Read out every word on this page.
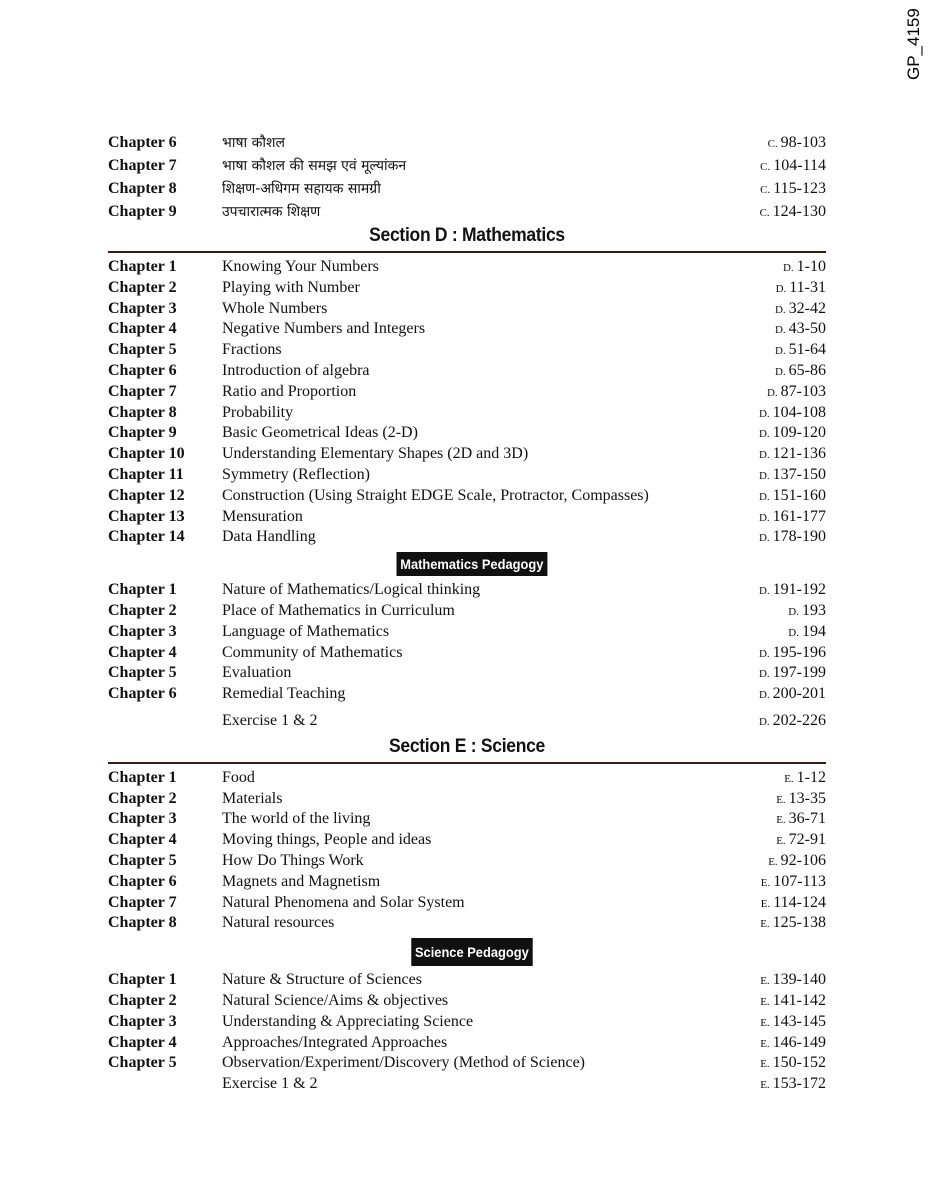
GP_4159
Chapter 6	भाषा कौशल	C. 98-103
Chapter 7	भाषा कौशल की समझ एवं मूल्यांकन	C. 104-114
Chapter 8	शिक्षण-अधिगम सहायक सामग्री	C. 115-123
Chapter 9	उपचारात्मक शिक्षण	C. 124-130
Section D : Mathematics
Chapter 1	Knowing Your Numbers	D. 1-10
Chapter 2	Playing with Number	D. 11-31
Chapter 3	Whole Numbers	D. 32-42
Chapter 4	Negative Numbers and Integers	D. 43-50
Chapter 5	Fractions	D. 51-64
Chapter 6	Introduction of algebra	D. 65-86
Chapter 7	Ratio and Proportion	D. 87-103
Chapter 8	Probability	D. 104-108
Chapter 9	Basic Geometrical Ideas (2-D)	D. 109-120
Chapter 10	Understanding Elementary Shapes (2D and 3D)	D. 121-136
Chapter 11	Symmetry (Reflection)	D. 137-150
Chapter 12	Construction (Using Straight EDGE Scale, Protractor, Compasses)	D. 151-160
Chapter 13	Mensuration	D. 161-177
Chapter 14	Data Handling	D. 178-190
Mathematics Pedagogy
Chapter 1	Nature of Mathematics/Logical thinking	D. 191-192
Chapter 2	Place of Mathematics in Curriculum	D. 193
Chapter 3	Language of Mathematics	D. 194
Chapter 4	Community of Mathematics	D. 195-196
Chapter 5	Evaluation	D. 197-199
Chapter 6	Remedial Teaching	D. 200-201
Exercise 1 & 2	D. 202-226
Section E : Science
Chapter 1	Food	E. 1-12
Chapter 2	Materials	E. 13-35
Chapter 3	The world of the living	E. 36-71
Chapter 4	Moving things, People and ideas	E. 72-91
Chapter 5	How Do Things Work	E. 92-106
Chapter 6	Magnets and Magnetism	E. 107-113
Chapter 7	Natural Phenomena and Solar System	E. 114-124
Chapter 8	Natural resources	E. 125-138
Science Pedagogy
Chapter 1	Nature & Structure of Sciences	E. 139-140
Chapter 2	Natural Science/Aims & objectives	E. 141-142
Chapter 3	Understanding & Appreciating Science	E. 143-145
Chapter 4	Approaches/Integrated Approaches	E. 146-149
Chapter 5	Observation/Experiment/Discovery (Method of Science)	E. 150-152
Exercise 1 & 2	E. 153-172
